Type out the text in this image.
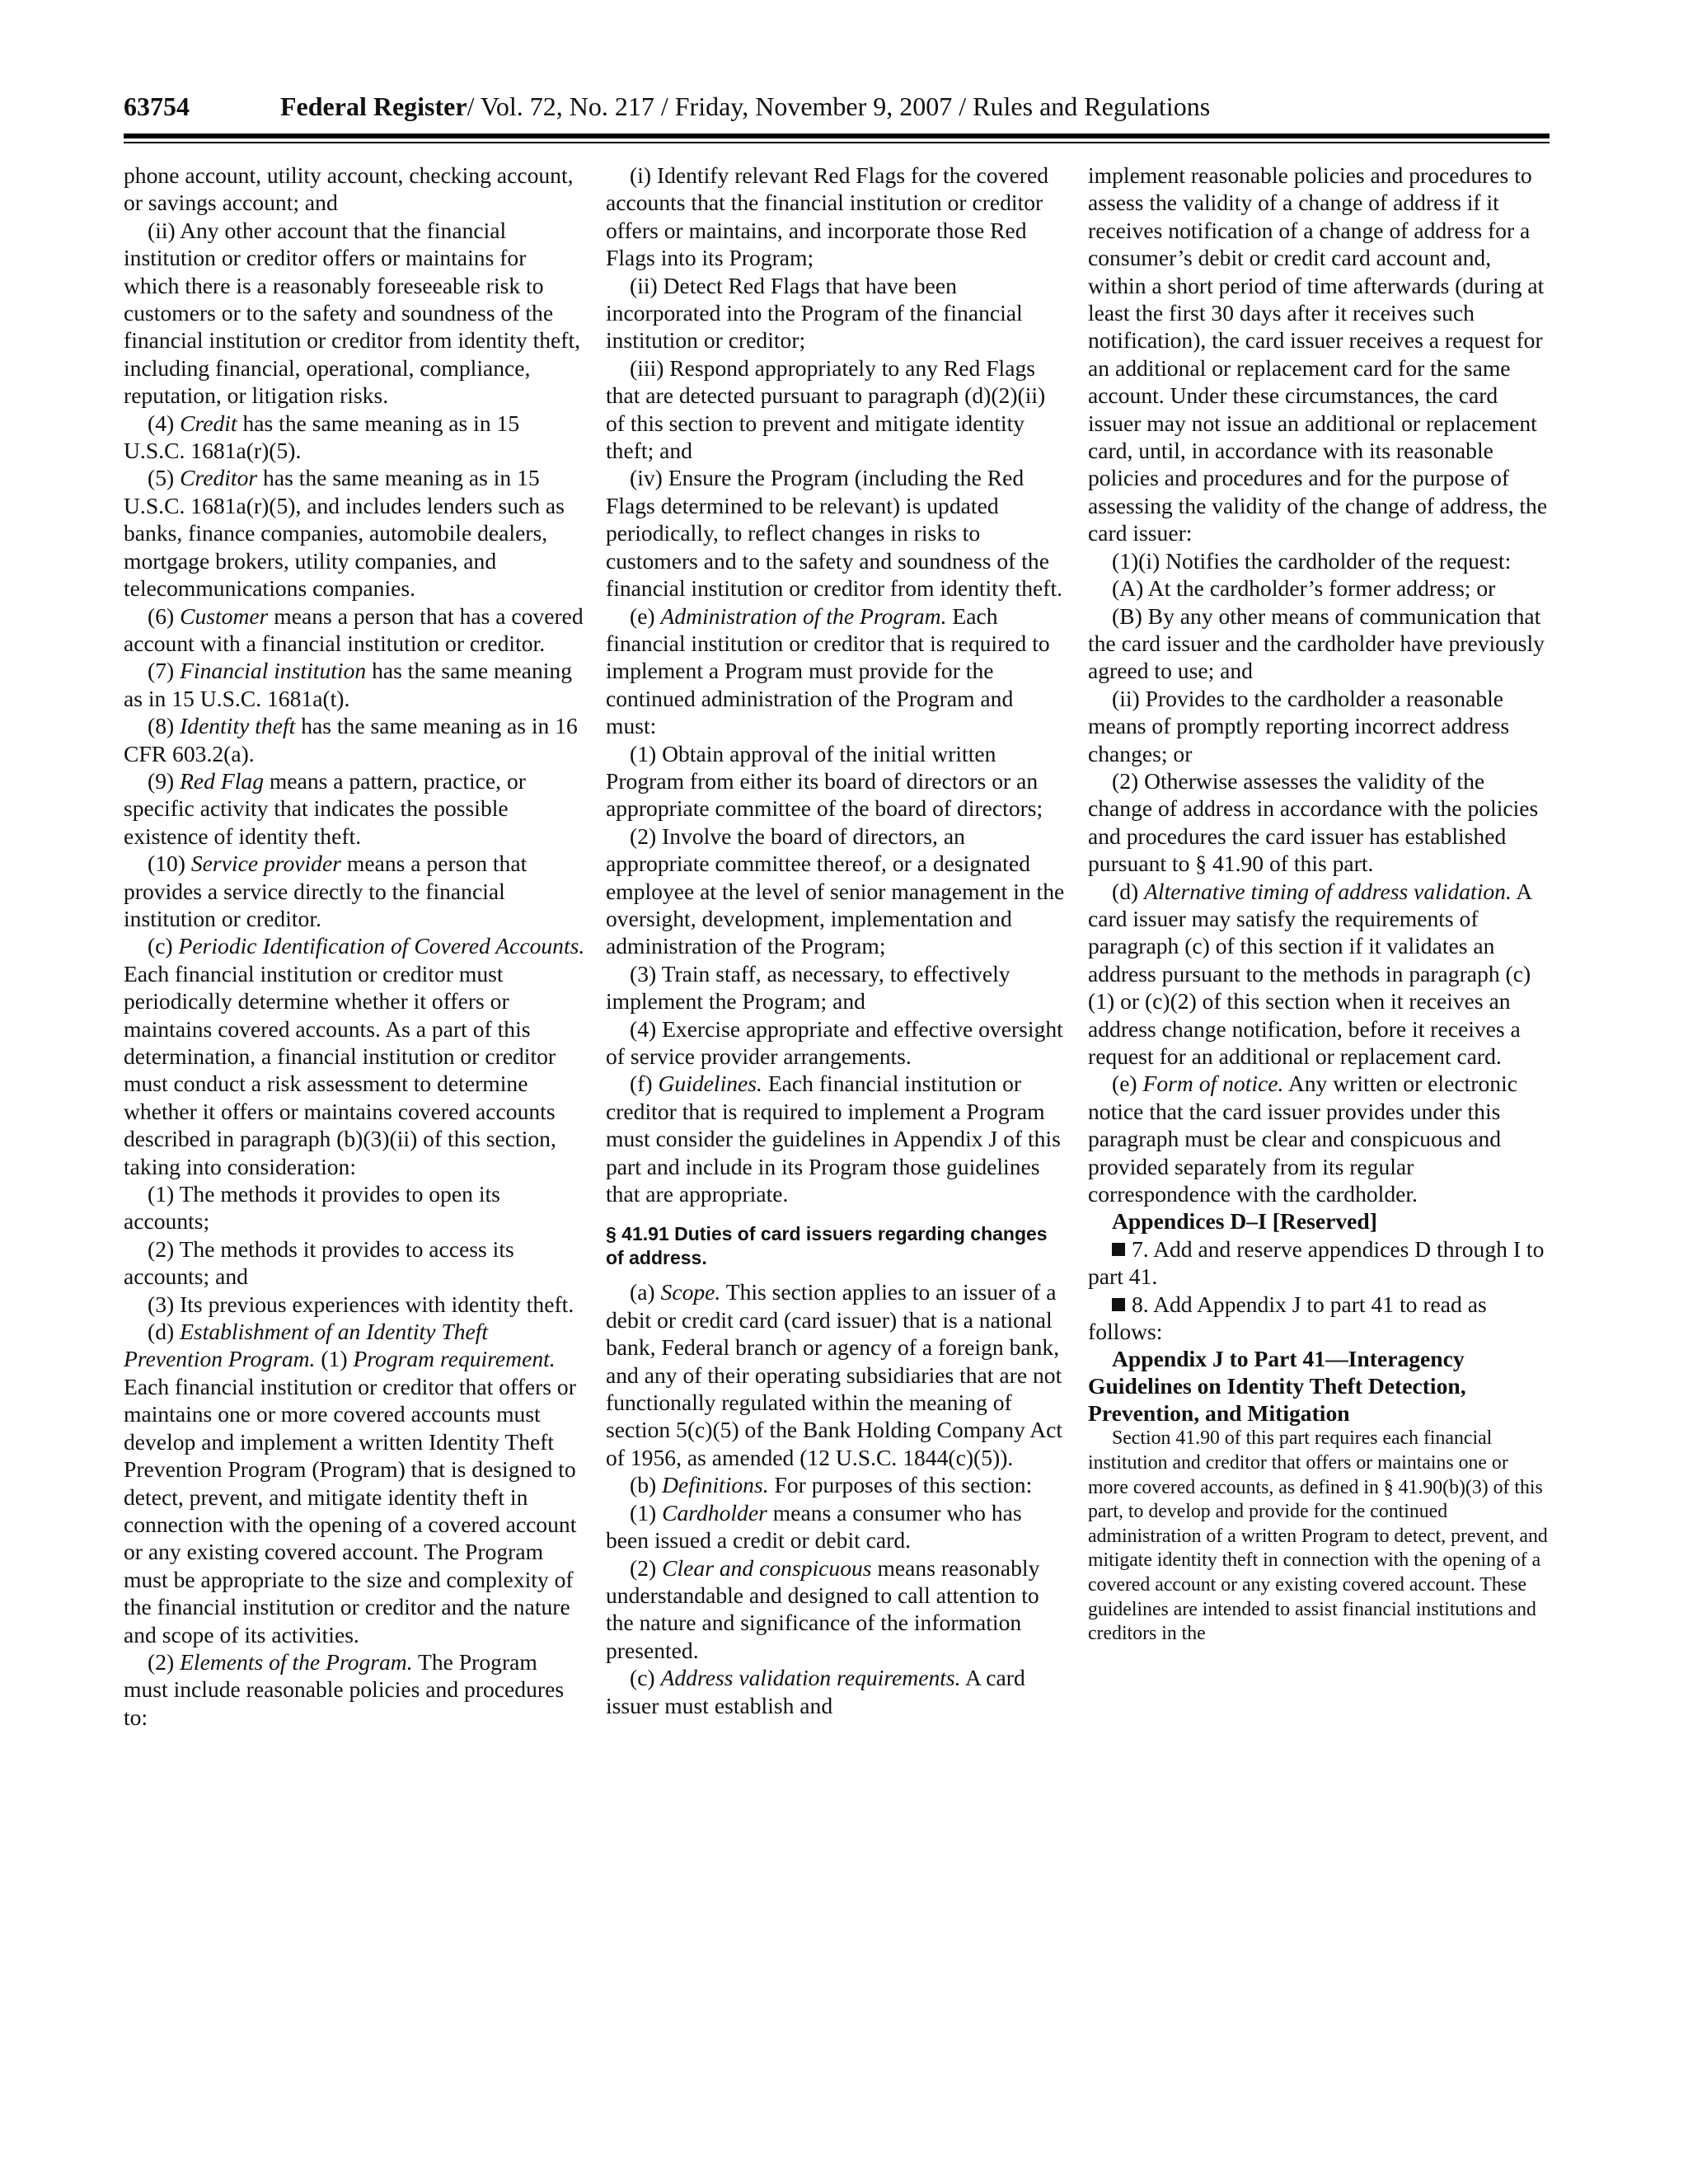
63754	Federal Register/ Vol. 72, No. 217 / Friday, November 9, 2007 / Rules and Regulations

phone account, utility account, checking account, or savings account; and

(ii) Any other account that the financial institution or creditor offers or maintains for which there is a reasonably foreseeable risk to customers or to the safety and soundness of the financial institution or creditor from identity theft, including financial, operational, compliance, reputation, or litigation risks.

(4) Credit has the same meaning as in 15 U.S.C. 1681a(r)(5).

(5) Creditor has the same meaning as in 15 U.S.C. 1681a(r)(5), and includes lenders such as banks, finance companies, automobile dealers, mortgage brokers, utility companies, and telecommunications companies.

(6) Customer means a person that has a covered account with a financial institution or creditor.

(7) Financial institution has the same meaning as in 15 U.S.C. 1681a(t).

(8) Identity theft has the same meaning as in 16 CFR 603.2(a).

(9) Red Flag means a pattern, practice, or specific activity that indicates the possible existence of identity theft.

(10) Service provider means a person that provides a service directly to the financial institution or creditor.

(c) Periodic Identification of Covered Accounts. Each financial institution or creditor must periodically determine whether it offers or maintains covered accounts. As a part of this determination, a financial institution or creditor must conduct a risk assessment to determine whether it offers or maintains covered accounts described in paragraph (b)(3)(ii) of this section, taking into consideration:

(1) The methods it provides to open its accounts;

(2) The methods it provides to access its accounts; and

(3) Its previous experiences with identity theft.

(d) Establishment of an Identity Theft Prevention Program. (1) Program requirement. Each financial institution or creditor that offers or maintains one or more covered accounts must develop and implement a written Identity Theft Prevention Program (Program) that is designed to detect, prevent, and mitigate identity theft in connection with the opening of a covered account or any existing covered account. The Program must be appropriate to the size and complexity of the financial institution or creditor and the nature and scope of its activities.

(2) Elements of the Program. The Program must include reasonable policies and procedures to:

(i) Identify relevant Red Flags for the covered accounts that the financial institution or creditor offers or maintains, and incorporate those Red Flags into its Program;

(ii) Detect Red Flags that have been incorporated into the Program of the financial institution or creditor;

(iii) Respond appropriately to any Red Flags that are detected pursuant to paragraph (d)(2)(ii) of this section to prevent and mitigate identity theft; and

(iv) Ensure the Program (including the Red Flags determined to be relevant) is updated periodically, to reflect changes in risks to customers and to the safety and soundness of the financial institution or creditor from identity theft.

(e) Administration of the Program. Each financial institution or creditor that is required to implement a Program must provide for the continued administration of the Program and must:

(1) Obtain approval of the initial written Program from either its board of directors or an appropriate committee of the board of directors;

(2) Involve the board of directors, an appropriate committee thereof, or a designated employee at the level of senior management in the oversight, development, implementation and administration of the Program;

(3) Train staff, as necessary, to effectively implement the Program; and

(4) Exercise appropriate and effective oversight of service provider arrangements.

(f) Guidelines. Each financial institution or creditor that is required to implement a Program must consider the guidelines in Appendix J of this part and include in its Program those guidelines that are appropriate.

§ 41.91 Duties of card issuers regarding changes of address.

(a) Scope. This section applies to an issuer of a debit or credit card (card issuer) that is a national bank, Federal branch or agency of a foreign bank, and any of their operating subsidiaries that are not functionally regulated within the meaning of section 5(c)(5) of the Bank Holding Company Act of 1956, as amended (12 U.S.C. 1844(c)(5)).

(b) Definitions. For purposes of this section:

(1) Cardholder means a consumer who has been issued a credit or debit card.

(2) Clear and conspicuous means reasonably understandable and designed to call attention to the nature and significance of the information presented.

(c) Address validation requirements. A card issuer must establish and

implement reasonable policies and procedures to assess the validity of a change of address if it receives notification of a change of address for a consumer’s debit or credit card account and, within a short period of time afterwards (during at least the first 30 days after it receives such notification), the card issuer receives a request for an additional or replacement card for the same account. Under these circumstances, the card issuer may not issue an additional or replacement card, until, in accordance with its reasonable policies and procedures and for the purpose of assessing the validity of the change of address, the card issuer:

(1)(i) Notifies the cardholder of the request:

(A) At the cardholder’s former address; or

(B) By any other means of communication that the card issuer and the cardholder have previously agreed to use; and

(ii) Provides to the cardholder a reasonable means of promptly reporting incorrect address changes; or

(2) Otherwise assesses the validity of the change of address in accordance with the policies and procedures the card issuer has established pursuant to § 41.90 of this part.

(d) Alternative timing of address validation. A card issuer may satisfy the requirements of paragraph (c) of this section if it validates an address pursuant to the methods in paragraph (c)(1) or (c)(2) of this section when it receives an address change notification, before it receives a request for an additional or replacement card.

(e) Form of notice. Any written or electronic notice that the card issuer provides under this paragraph must be clear and conspicuous and provided separately from its regular correspondence with the cardholder.

Appendices D–I [Reserved]

7. Add and reserve appendices D through I to part 41.

8. Add Appendix J to part 41 to read as follows:

Appendix J to Part 41—Interagency Guidelines on Identity Theft Detection, Prevention, and Mitigation

Section 41.90 of this part requires each financial institution and creditor that offers or maintains one or more covered accounts, as defined in § 41.90(b)(3) of this part, to develop and provide for the continued administration of a written Program to detect, prevent, and mitigate identity theft in connection with the opening of a covered account or any existing covered account. These guidelines are intended to assist financial institutions and creditors in the
